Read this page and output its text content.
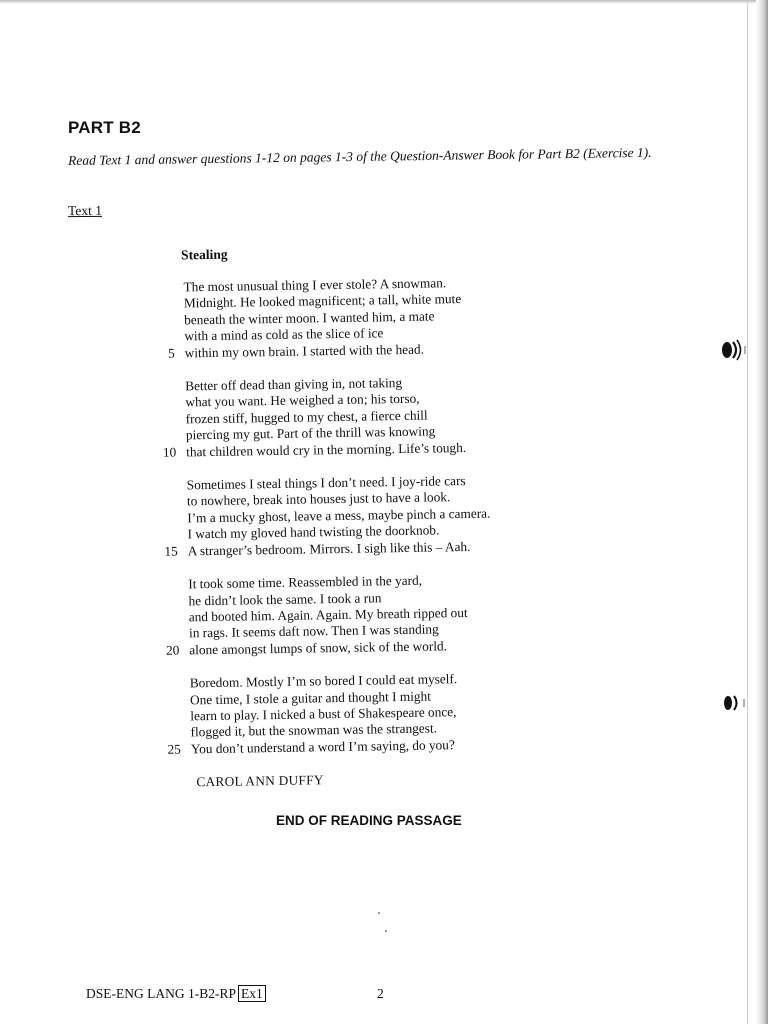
PART B2
Read Text 1 and answer questions 1-12 on pages 1-3 of the Question-Answer Book for Part B2 (Exercise 1).
Text 1
Stealing
The most unusual thing I ever stole? A snowman.
Midnight. He looked magnificent; a tall, white mute
beneath the winter moon. I wanted him, a mate
with a mind as cold as the slice of ice
5 within my own brain. I started with the head.
Better off dead than giving in, not taking
what you want. He weighed a ton; his torso,
frozen stiff, hugged to my chest, a fierce chill
piercing my gut. Part of the thrill was knowing
10 that children would cry in the morning. Life’s tough.
Sometimes I steal things I don’t need. I joy-ride cars
to nowhere, break into houses just to have a look.
I’m a mucky ghost, leave a mess, maybe pinch a camera.
I watch my gloved hand twisting the doorknob.
15 A stranger’s bedroom. Mirrors. I sigh like this – Aah.
It took some time. Reassembled in the yard,
he didn’t look the same. I took a run
and booted him. Again. Again. My breath ripped out
in rags. It seems daft now. Then I was standing
20 alone amongst lumps of snow, sick of the world.
Boredom. Mostly I’m so bored I could eat myself.
One time, I stole a guitar and thought I might
learn to play. I nicked a bust of Shakespeare once,
flogged it, but the snowman was the strangest.
25 You don’t understand a word I’m saying, do you?
CAROL ANN DUFFY
END OF READING PASSAGE
DSE-ENG LANG 1-B2-RP Ex1	2
